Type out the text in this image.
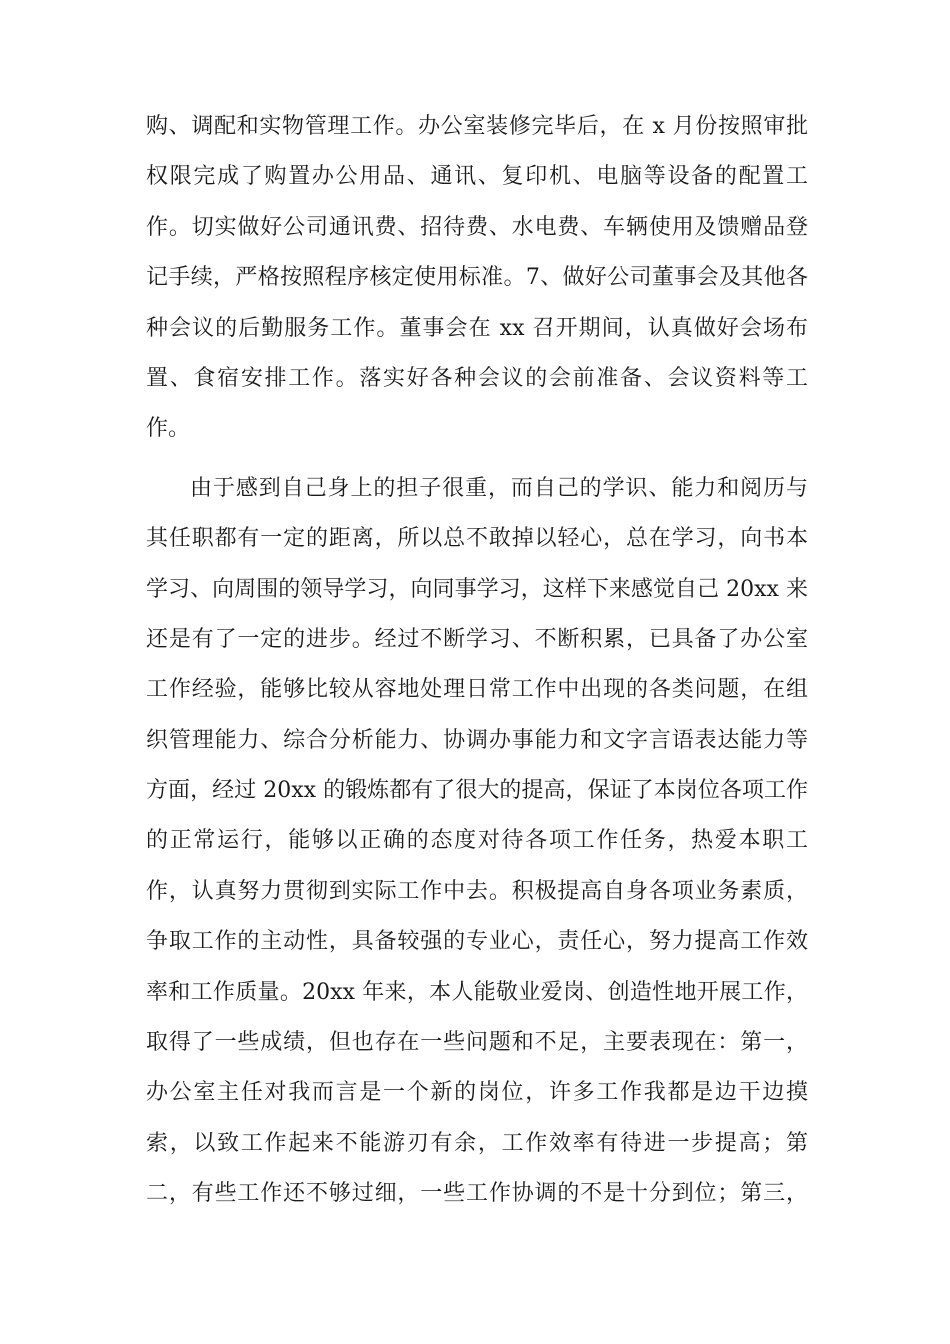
购、调配和实物管理工作。办公室装修完毕后，在 x 月份按照审批
权限完成了购置办公用品、通讯、复印机、电脑等设备的配置工
作。切实做好公司通讯费、招待费、水电费、车辆使用及馈赠品登
记手续，严格按照程序核定使用标准。7、做好公司董事会及其他各
种会议的后勤服务工作。董事会在 xx 召开期间，认真做好会场布
置、食宿安排工作。落实好各种会议的会前准备、会议资料等工
作。
由于感到自己身上的担子很重，而自己的学识、能力和阅历与
其任职都有一定的距离，所以总不敢掉以轻心，总在学习，向书本
学习、向周围的领导学习，向同事学习，这样下来感觉自己 20xx 来
还是有了一定的进步。经过不断学习、不断积累，已具备了办公室
工作经验，能够比较从容地处理日常工作中出现的各类问题，在组
织管理能力、综合分析能力、协调办事能力和文字言语表达能力等
方面，经过 20xx 的锻炼都有了很大的提高，保证了本岗位各项工作
的正常运行，能够以正确的态度对待各项工作任务，热爱本职工
作，认真努力贯彻到实际工作中去。积极提高自身各项业务素质，
争取工作的主动性，具备较强的专业心，责任心，努力提高工作效
率和工作质量。20xx 年来，本人能敬业爱岗、创造性地开展工作，
取得了一些成绩，但也存在一些问题和不足，主要表现在：第一，
办公室主任对我而言是一个新的岗位，许多工作我都是边干边摸
索，以致工作起来不能游刃有余，工作效率有待进一步提高；第
二，有些工作还不够过细，一些工作协调的不是十分到位；第三，
